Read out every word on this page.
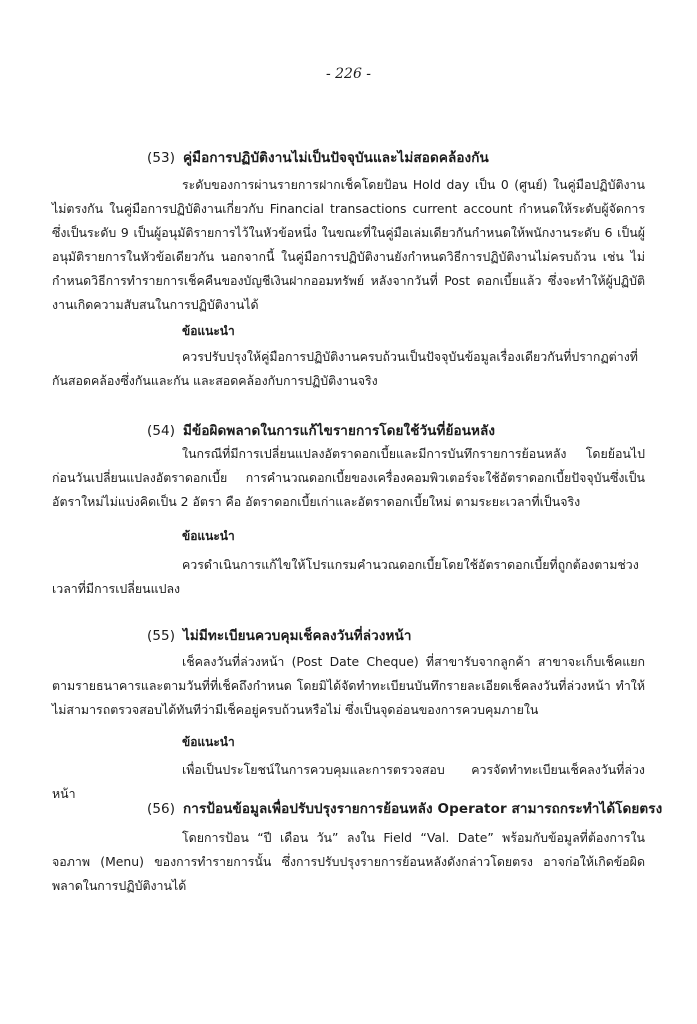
- 226 -
(53) คู่มือการปฏิบัติงานไม่เป็นปัจจุบันและไม่สอดคล้องกัน
ระดับของการผ่านรายการฝากเช็คโดยป้อน Hold day เป็น 0 (ศูนย์) ในคู่มือปฏิบัติงานไม่ตรงกัน ในคู่มือการปฏิบัติงานเกี่ยวกับ Financial transactions current account กำหนดให้ระดับผู้จัดการซึ่งเป็นระดับ 9 เป็นผู้อนุมัติรายการไว้ในหัวข้อหนึ่ง ในขณะที่ในคู่มือเล่มเดียวกันกำหนดให้พนักงานระดับ 6 เป็นผู้อนุมัติรายการในหัวข้อเดียวกัน นอกจากนี้ ในคู่มือการปฏิบัติงานยังกำหนดวิธีการปฏิบัติงานไม่ครบถ้วน เช่น ไม่กำหนดวิธีการทำรายการเช็คคืนของบัญชีเงินฝากออมทรัพย์ หลังจากวันที่ Post ดอกเบี้ยแล้ว ซึ่งจะทำให้ผู้ปฏิบัติงานเกิดความสับสนในการปฏิบัติงานได้
ข้อแนะนำ
ควรปรับปรุงให้คู่มือการปฏิบัติงานครบถ้วนเป็นปัจจุบันข้อมูลเรื่องเดียวกันที่ปรากฏต่างที่กันสอดคล้องซึ่งกันและกัน และสอดคล้องกับการปฏิบัติงานจริง
(54) มีข้อผิดพลาดในการแก้ไขรายการโดยใช้วันที่ย้อนหลัง
ในกรณีที่มีการเปลี่ยนแปลงอัตราดอกเบี้ยและมีการบันทึกรายการย้อนหลัง โดยย้อนไปก่อนวันเปลี่ยนแปลงอัตราดอกเบี้ย การคำนวณดอกเบี้ยของเครื่องคอมพิวเตอร์จะใช้อัตราดอกเบี้ยปัจจุบันซึ่งเป็นอัตราใหม่ไม่แบ่งคิดเป็น 2 อัตรา คือ อัตราดอกเบี้ยเก่าและอัตราดอกเบี้ยใหม่ ตามระยะเวลาที่เป็นจริง
ข้อแนะนำ
ควรดำเนินการแก้ไขให้โปรแกรมคำนวณดอกเบี้ยโดยใช้อัตราดอกเบี้ยที่ถูกต้องตามช่วงเวลาที่มีการเปลี่ยนแปลง
(55) ไม่มีทะเบียนควบคุมเช็คลงวันที่ล่วงหน้า
เช็คลงวันที่ล่วงหน้า (Post Date Cheque) ที่สาขารับจากลูกค้า สาขาจะเก็บเช็คแยกตามรายธนาคารและตามวันที่ที่เช็คถึงกำหนด โดยมิได้จัดทำทะเบียนบันทึกรายละเอียดเช็คลงวันที่ล่วงหน้า ทำให้ไม่สามารถตรวจสอบได้ทันทีว่ามีเช็คอยู่ครบถ้วนหรือไม่ ซึ่งเป็นจุดอ่อนของการควบคุมภายใน
ข้อแนะนำ
เพื่อเป็นประโยชน์ในการควบคุมและการตรวจสอบ ควรจัดทำทะเบียนเช็คลงวันที่ล่วงหน้า
(56) การป้อนข้อมูลเพื่อปรับปรุงรายการย้อนหลัง Operator สามารถกระทำได้โดยตรง
โดยการป้อน “ปี เดือน วัน” ลงใน Field “Val. Date” พร้อมกับข้อมูลที่ต้องการในจอภาพ (Menu) ของการทำรายการนั้น ซึ่งการปรับปรุงรายการย้อนหลังดังกล่าวโดยตรง อาจก่อให้เกิดข้อผิดพลาดในการปฏิบัติงานได้
